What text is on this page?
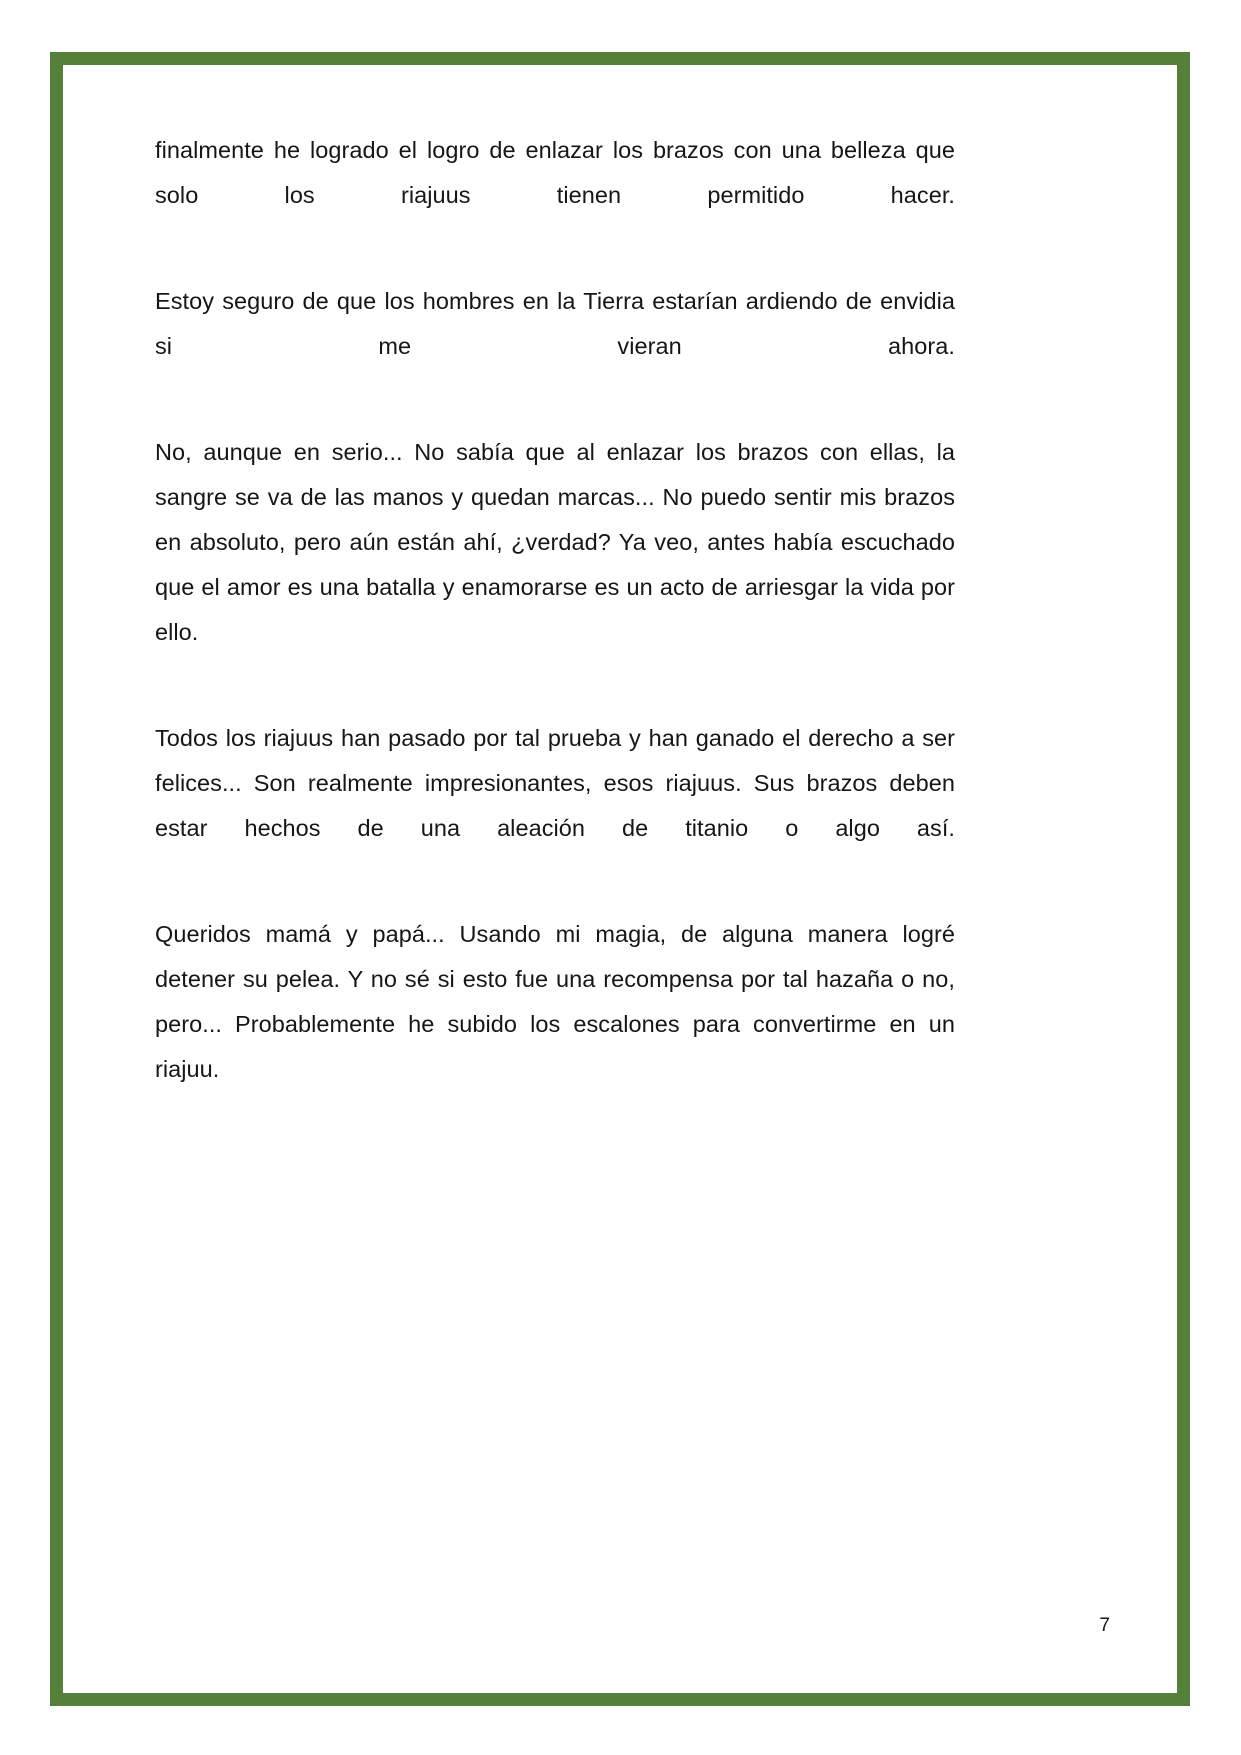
finalmente he logrado el logro de enlazar los brazos con una belleza que solo los riajuus tienen permitido hacer.

Estoy seguro de que los hombres en la Tierra estarían ardiendo de envidia si me vieran ahora.

No, aunque en serio... No sabía que al enlazar los brazos con ellas, la sangre se va de las manos y quedan marcas... No puedo sentir mis brazos en absoluto, pero aún están ahí, ¿verdad? Ya veo, antes había escuchado que el amor es una batalla y enamorarse es un acto de arriesgar la vida por ello.

Todos los riajuus han pasado por tal prueba y han ganado el derecho a ser felices... Son realmente impresionantes, esos riajuus. Sus brazos deben estar hechos de una aleación de titanio o algo así.

Queridos mamá y papá... Usando mi magia, de alguna manera logré detener su pelea. Y no sé si esto fue una recompensa por tal hazaña o no, pero... Probablemente he subido los escalones para convertirme en un riajuu.

7
